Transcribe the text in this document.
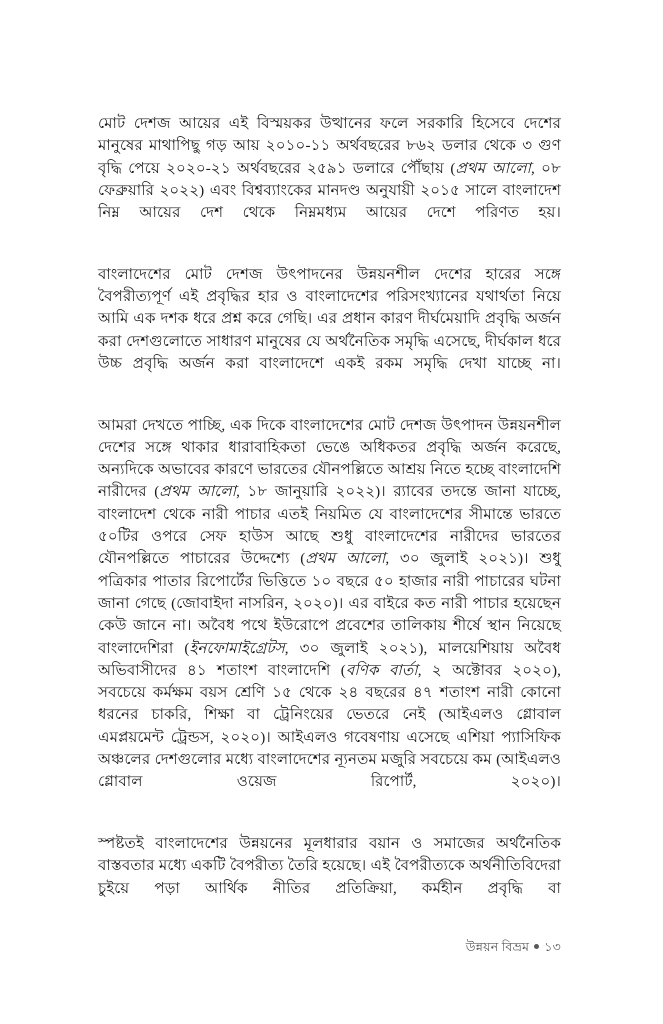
মোট দেশজ আয়ের এই বিস্ময়কর উত্থানের ফলে সরকারি হিসেবে দেশের মানুষের মাথাপিছু গড় আয় ২০১০-১১ অর্থবছরের ৮৬২ ডলার থেকে ৩ গুণ বৃদ্ধি পেয়ে ২০২০-২১ অর্থবছরের ২৫৯১ ডলারে পৌঁছায় (প্রথম আলো, ০৮ ফেব্রুয়ারি ২০২২) এবং বিশ্বব্যাংকের মানদণ্ড অনুযায়ী ২০১৫ সালে বাংলাদেশ নিম্ন আয়ের দেশ থেকে নিম্নমধ্যম আয়ের দেশে পরিণত হয়।

বাংলাদেশের মোট দেশজ উৎপাদনের উন্নয়নশীল দেশের হারের সঙ্গে বৈপরীত্যপূর্ণ এই প্রবৃদ্ধির হার ও বাংলাদেশের পরিসংখ্যানের যথার্থতা নিয়ে আমি এক দশক ধরে প্রশ্ন করে গেছি। এর প্রধান কারণ দীর্ঘমেয়াদি প্রবৃদ্ধি অর্জন করা দেশগুলোতে সাধারণ মানুষের যে অর্থনৈতিক সমৃদ্ধি এসেছে, দীর্ঘকাল ধরে উচ্চ প্রবৃদ্ধি অর্জন করা বাংলাদেশে একই রকম সমৃদ্ধি দেখা যাচ্ছে না।

আমরা দেখতে পাচ্ছি, এক দিকে বাংলাদেশের মোট দেশজ উৎপাদন উন্নয়নশীল দেশের সঙ্গে থাকার ধারাবাহিকতা ভেঙে অধিকতর প্রবৃদ্ধি অর্জন করেছে, অন্যদিকে অভাবের কারণে ভারতের যৌনপল্লিতে আশ্রয় নিতে হচ্ছে বাংলাদেশি নারীদের (প্রথম আলো, ১৮ জানুয়ারি ২০২২)। র‍্যাবের তদন্তে জানা যাচ্ছে, বাংলাদেশ থেকে নারী পাচার এতই নিয়মিত যে বাংলাদেশের সীমান্তে ভারতে ৫০টির ওপরে সেফ হাউস আছে শুধু বাংলাদেশের নারীদের ভারতের যৌনপল্লিতে পাচারের উদ্দেশ্যে (প্রথম আলো, ৩০ জুলাই ২০২১)। শুধু পত্রিকার পাতার রিপোর্টের ভিত্তিতে ১০ বছরে ৫০ হাজার নারী পাচারের ঘটনা জানা গেছে (জোবাইদা নাসরিন, ২০২০)। এর বাইরে কত নারী পাচার হয়েছেন কেউ জানে না। অবৈধ পথে ইউরোপে প্রবেশের তালিকায় শীর্ষে স্থান নিয়েছে বাংলাদেশিরা (ইনফোমাইগ্রেটস, ৩০ জুলাই ২০২১), মালয়েশিয়ায় অবৈধ অভিবাসীদের ৪১ শতাংশ বাংলাদেশি (বণিক বার্তা, ২ অক্টোবর ২০২০), সবচেয়ে কর্মক্ষম বয়স শ্রেণি ১৫ থেকে ২৪ বছরের ৪৭ শতাংশ নারী কোনো ধরনের চাকরি, শিক্ষা বা ট্রেনিংয়ের ভেতরে নেই (আইএলও গ্লোবাল এমপ্লয়মেন্ট ট্রেন্ডস, ২০২০)। আইএলও গবেষণায় এসেছে এশিয়া প্যাসিফিক অঞ্চলের দেশগুলোর মধ্যে বাংলাদেশের ন্যূনতম মজুরি সবচেয়ে কম (আইএলও গ্লোবাল ওয়েজ রিপোর্ট, ২০২০)।

স্পষ্টতই বাংলাদেশের উন্নয়নের মূলধারার বয়ান ও সমাজের অর্থনৈতিক বাস্তবতার মধ্যে একটি বৈপরীত্য তৈরি হয়েছে। এই বৈপরীত্যকে অর্থনীতিবিদেরা চুইয়ে পড়া আর্থিক নীতির প্রতিক্রিয়া, কর্মহীন প্রবৃদ্ধি বা

উন্নয়ন বিভ্রম ১৩
